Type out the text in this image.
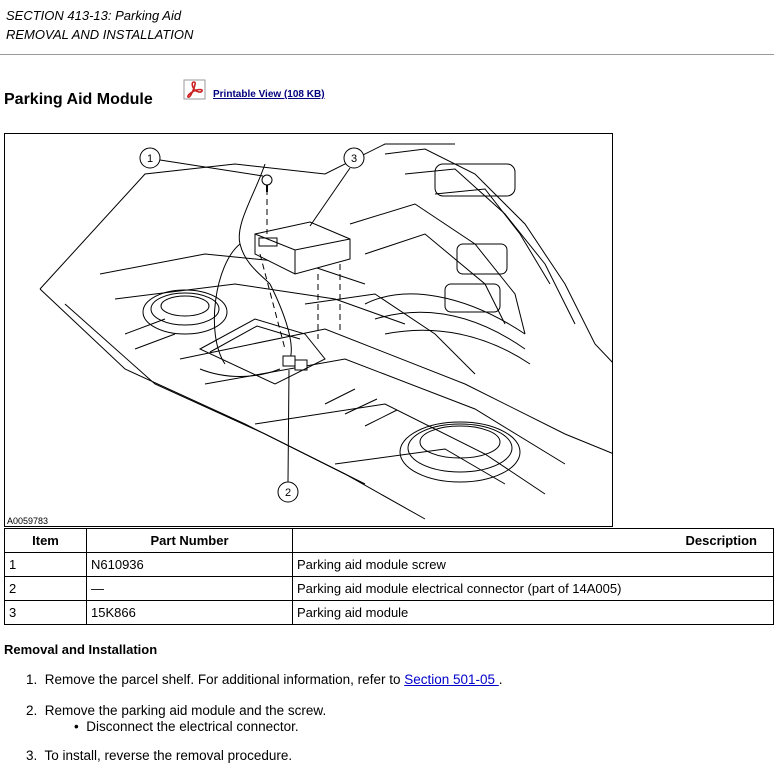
SECTION 413-13: Parking Aid
REMOVAL AND INSTALLATION
Parking Aid Module	Printable View (108 KB)
1	3
2
A0059783
Item	Part Number	Description
1	N610936	Parking aid module screw
2	—	Parking aid module electrical connector (part of 14A005)
3	15K866	Parking aid module
Removal and Installation
1. Remove the parcel shelf. For additional information, refer to Section 501-05 .
2. Remove the parking aid module and the screw.
• Disconnect the electrical connector.
3. To install, reverse the removal procedure.
